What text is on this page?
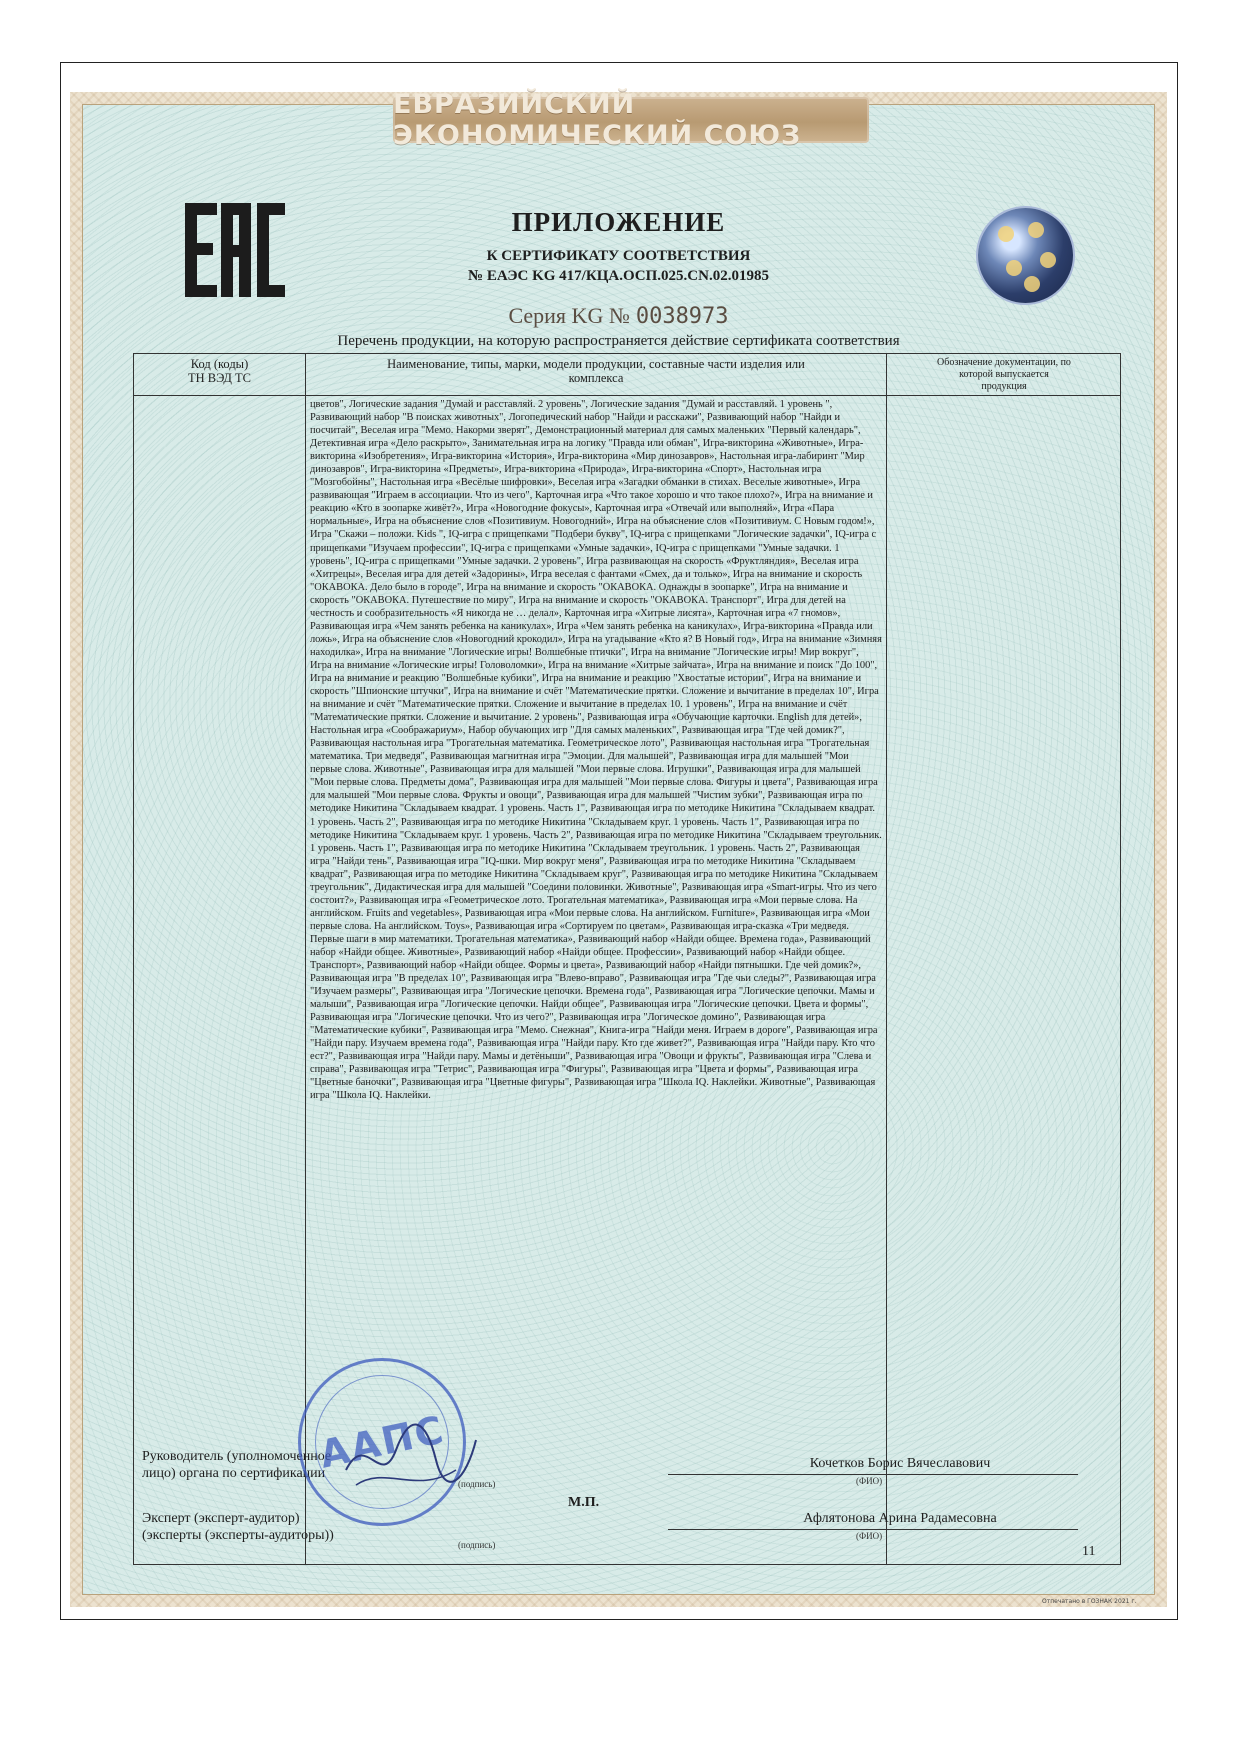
ЕВРАЗИЙСКИЙ ЭКОНОМИЧЕСКИЙ СОЮЗ
ПРИЛОЖЕНИЕ
К СЕРТИФИКАТУ СООТВЕТСТВИЯ
№ ЕАЭС KG 417/КЦА.ОСП.025.CN.02.01985
Серия KG № 0038973
Перечень продукции, на которую распространяется действие сертификата соответствия
Код (коды)
ТН ВЭД ТС
Наименование, типы, марки, модели продукции, составные части изделия или
комплекса
Обозначение документации, по
которой выпускается
продукция
цветов", Логические задания "Думай и расставляй. 2 уровень", Логические задания "Думай и расставляй. 1 уровень ", Развивающий набор "В поисках животных", Логопедический набор "Найди и расскажи", Развивающий набор "Найди и посчитай", Веселая игра "Мемо. Накорми зверят", Демонстрационный материал для самых маленьких "Первый календарь", Детективная игра «Дело раскрыто», Занимательная игра на логику "Правда или обман", Игра-викторина «Животные», Игра-викторина «Изобретения», Игра-викторина «История», Игра-викторина «Мир динозавров», Настольная игра-лабиринт "Мир динозавров", Игра-викторина «Предметы», Игра-викторина «Природа», Игра-викторина «Спорт», Настольная игра "Мозгобойны", Настольная игра «Весёлые шифровки», Веселая игра «Загадки обманки в стихах. Веселые животные», Игра развивающая "Играем в ассоциации. Что из чего", Карточная игра «Что такое хорошо и что такое плохо?», Игра на внимание и реакцию «Кто в зоопарке живёт?», Игра «Новогодние фокусы», Карточная игра «Отвечай или выполняй», Игра «Пара нормальные», Игра на объяснение слов «Позитивиум. Новогодний», Игра на объяснение слов «Позитивиум. С Новым годом!», Игра "Скажи – положи. Kids ", IQ-игра с прищепками "Подбери букву", IQ-игра с прищепками "Логические задачки", IQ-игра с прищепками "Изучаем профессии", IQ-игра с прищепками «Умные задачки», IQ-игра с прищепками "Умные задачки. 1 уровень", IQ-игра с прищепками "Умные задачки. 2 уровень", Игра развивающая на скорость «Фруктляндия», Веселая игра «Хитрецы», Веселая игра для детей «Задорины», Игра веселая с фантами «Смех, да и только», Игра на внимание и скорость "ОКАВОКА. Дело было в городе", Игра на внимание и скорость "ОКАВОКА. Однажды в зоопарке", Игра на внимание и скорость "ОКАВОКА. Путешествие по миру", Игра на внимание и скорость "ОКАВОКА. Транспорт", Игра для детей на честность и сообразительность «Я никогда не … делал», Карточная игра «Хитрые лисята», Карточная игра «7 гномов», Развивающая игра «Чем занять ребенка на каникулах», Игра «Чем занять ребенка на каникулах», Игра-викторина «Правда или ложь», Игра на объяснение слов «Новогодний крокодил», Игра на угадывание «Кто я? В Новый год», Игра на внимание «Зимняя находилка», Игра на внимание "Логические игры! Волшебные птички", Игра на внимание "Логические игры! Мир вокруг", Игра на внимание «Логические игры! Головоломки», Игра на внимание «Хитрые зайчата», Игра на внимание и поиск "До 100", Игра на внимание и реакцию "Волшебные кубики", Игра на внимание и реакцию "Хвостатые истории", Игра на внимание и скорость "Шпионские штучки", Игра на внимание и счёт "Математические прятки. Сложение и вычитание в пределах 10", Игра на внимание и счёт "Математические прятки. Сложение и вычитание в пределах 10. 1 уровень", Игра на внимание и счёт "Математические прятки. Сложение и вычитание. 2 уровень", Развивающая игра «Обучающие карточки. English для детей», Настольная игра «Соображариум», Набор обучающих игр "Для самых маленьких", Развивающая игра "Где чей домик?", Развивающая настольная игра "Трогательная математика. Геометрическое лото", Развивающая настольная игра "Трогательная математика. Три медведя", Развивающая магнитная игра "Эмоции. Для малышей", Развивающая игра для малышей "Мои первые слова. Животные", Развивающая игра для малышей "Мои первые слова. Игрушки", Развивающая игра для малышей "Мои первые слова. Предметы дома", Развивающая игра для малышей "Мои первые слова. Фигуры и цвета", Развивающая игра для малышей "Мои первые слова. Фрукты и овощи", Развивающая игра для малышей "Чистим зубки", Развивающая игра по методике Никитина "Складываем квадрат. 1 уровень. Часть 1", Развивающая игра по методике Никитина "Складываем квадрат. 1 уровень. Часть 2", Развивающая игра по методике Никитина "Складываем круг. 1 уровень. Часть 1", Развивающая игра по методике Никитина "Складываем круг. 1 уровень. Часть 2", Развивающая игра по методике Никитина "Складываем треугольник. 1 уровень. Часть 1", Развивающая игра по методике Никитина "Складываем треугольник. 1 уровень. Часть 2", Развивающая игра "Найди тень", Развивающая игра "IQ-шки. Мир вокруг меня", Развивающая игра по методике Никитина "Складываем квадрат", Развивающая игра по методике Никитина "Складываем круг", Развивающая игра по методике Никитина "Складываем треугольник", Дидактическая игра для малышей "Соедини половинки. Животные", Развивающая игра «Smart-игры. Что из чего состоит?», Развивающая игра «Геометрическое лото. Трогательная математика», Развивающая игра «Мои первые слова. На английском. Fruits and vegetables», Развивающая игра «Мои первые слова. На английском. Furniture», Развивающая игра «Мои первые слова. На английском. Toys», Развивающая игра «Сортируем по цветам», Развивающая игра-сказка «Три медведя. Первые шаги в мир математики. Трогательная математика», Развивающий набор «Найди общее. Времена года», Развивающий набор «Найди общее. Животные», Развивающий набор «Найди общее. Профессии», Развивающий набор «Найди общее. Транспорт», Развивающий набор «Найди общее. Формы и цвета», Развивающий набор «Найди пятнышки. Где чей домик?», Развивающая игра "В пределах 10", Развивающая игра "Влево-вправо", Развивающая игра "Где чьи следы?", Развивающая игра "Изучаем размеры", Развивающая игра "Логические цепочки. Времена года", Развивающая игра "Логические цепочки. Мамы и малыши", Развивающая игра "Логические цепочки. Найди общее", Развивающая игра "Логические цепочки. Цвета и формы", Развивающая игра "Логические цепочки. Что из чего?", Развивающая игра "Логическое домино", Развивающая игра "Математические кубики", Развивающая игра "Мемо. Снежная", Книга-игра "Найди меня. Играем в дороге", Развивающая игра "Найди пару. Изучаем времена года", Развивающая игра "Найди пару. Кто где живет?", Развивающая игра "Найди пару. Кто что ест?", Развивающая игра "Найди пару. Мамы и детёныши", Развивающая игра "Овощи и фрукты", Развивающая игра "Слева и справа", Развивающая игра "Тетрис", Развивающая игра "Фигуры", Развивающая игра "Цвета и формы", Развивающая игра "Цветные баночки", Развивающая игра "Цветные фигуры", Развивающая игра "Школа IQ. Наклейки. Животные", Развивающая игра "Школа IQ. Наклейки.
Руководитель (уполномоченное
лицо) органа по сертификации
Эксперт (эксперт-аудитор)
(эксперты (эксперты-аудиторы))
(подпись)
(подпись)
М.П.
Кочетков Борис Вячеславович
(ФИО)
Афлятонова Арина Радамесовна
(ФИО)
ААПС
11
Отпечатано в ГОЗНАК 2021 г.
